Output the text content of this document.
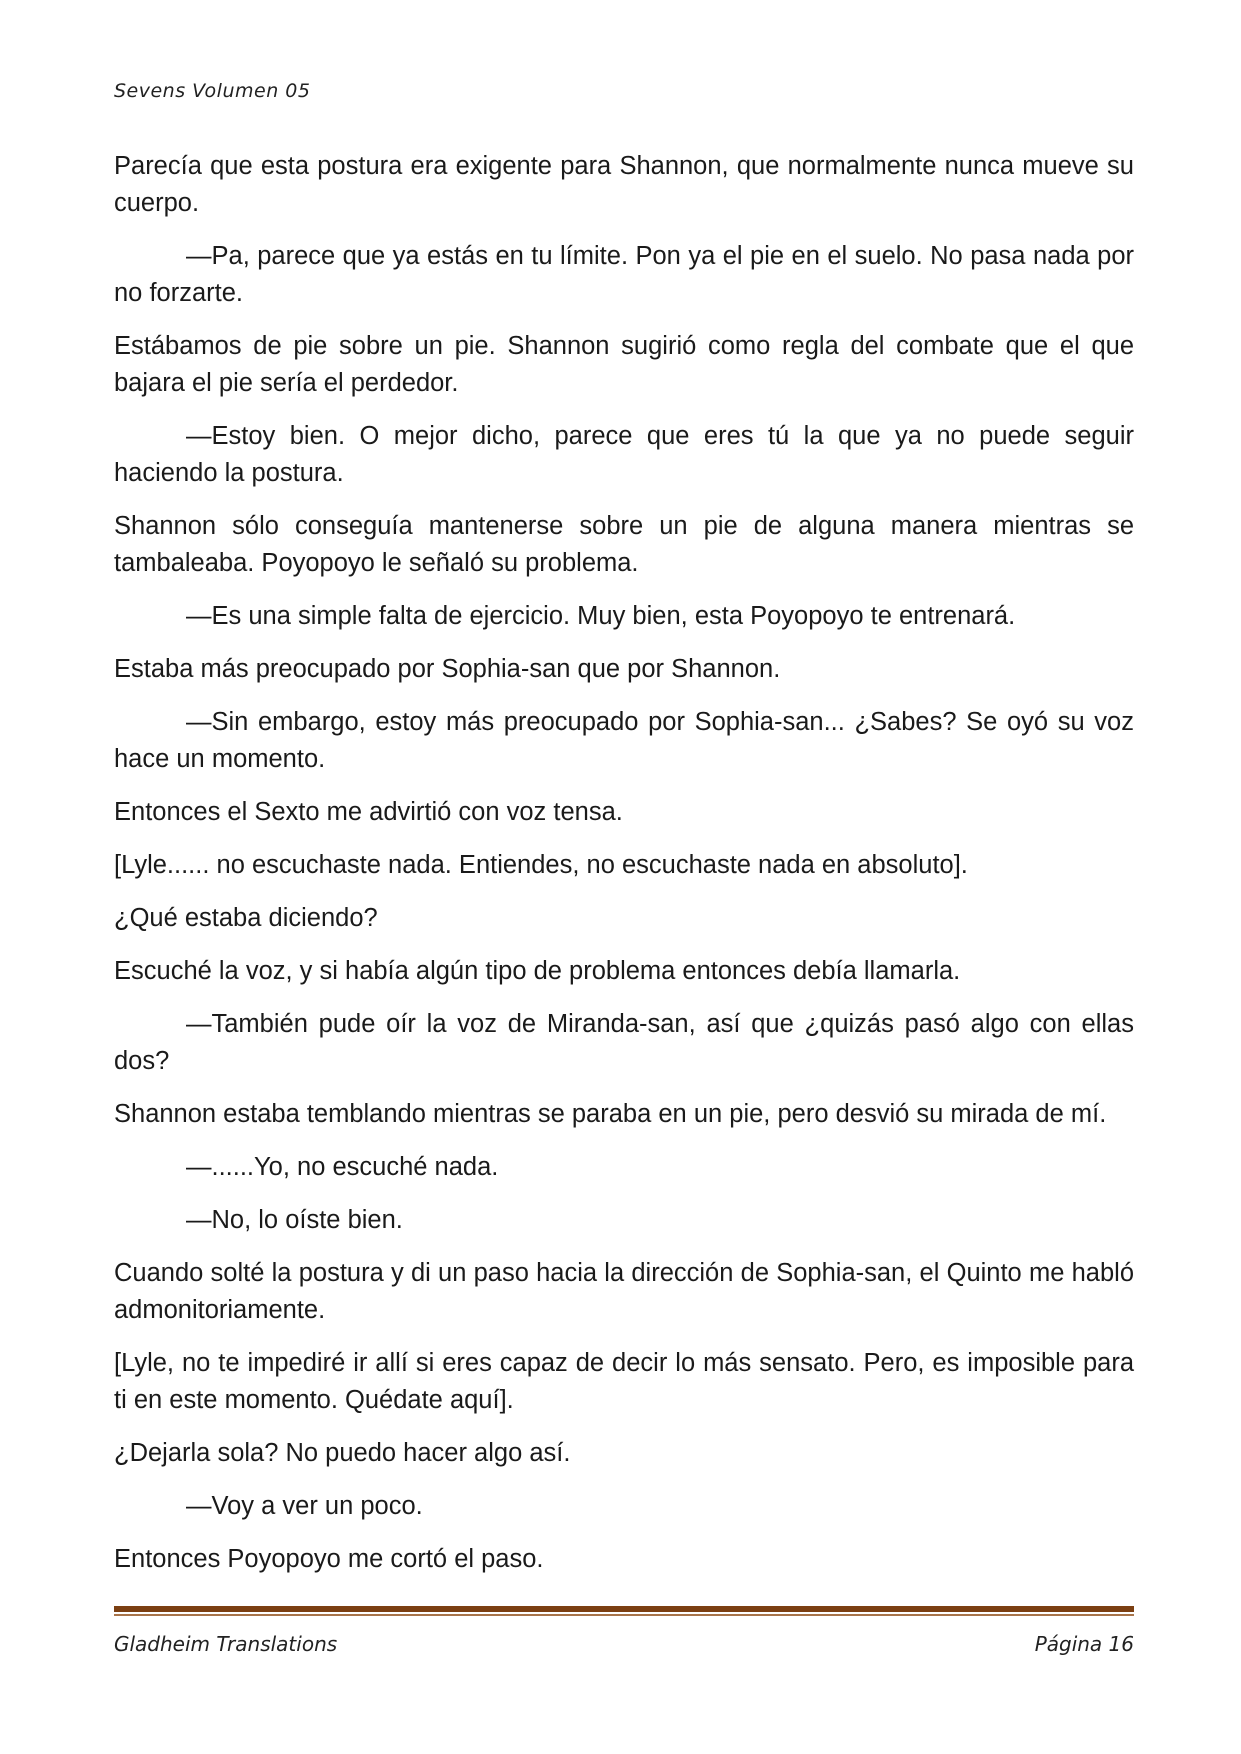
Sevens Volumen 05

Parecía que esta postura era exigente para Shannon, que normalmente nunca mueve su cuerpo.

—Pa, parece que ya estás en tu límite. Pon ya el pie en el suelo. No pasa nada por no forzarte.

Estábamos de pie sobre un pie. Shannon sugirió como regla del combate que el que bajara el pie sería el perdedor.

—Estoy bien. O mejor dicho, parece que eres tú la que ya no puede seguir haciendo la postura.

Shannon sólo conseguía mantenerse sobre un pie de alguna manera mientras se tambaleaba. Poyopoyo le señaló su problema.

—Es una simple falta de ejercicio. Muy bien, esta Poyopoyo te entrenará.

Estaba más preocupado por Sophia-san que por Shannon.

—Sin embargo, estoy más preocupado por Sophia-san... ¿Sabes? Se oyó su voz hace un momento.

Entonces el Sexto me advirtió con voz tensa.

[Lyle...... no escuchaste nada. Entiendes, no escuchaste nada en absoluto].

¿Qué estaba diciendo?

Escuché la voz, y si había algún tipo de problema entonces debía llamarla.

—También pude oír la voz de Miranda-san, así que ¿quizás pasó algo con ellas dos?

Shannon estaba temblando mientras se paraba en un pie, pero desvió su mirada de mí.

—......Yo, no escuché nada.

—No, lo oíste bien.

Cuando solté la postura y di un paso hacia la dirección de Sophia-san, el Quinto me habló admonitoriamente.

[Lyle, no te impediré ir allí si eres capaz de decir lo más sensato. Pero, es imposible para ti en este momento. Quédate aquí].

¿Dejarla sola? No puedo hacer algo así.

—Voy a ver un poco.

Entonces Poyopoyo me cortó el paso.

Gladheim Translations	Página 16
